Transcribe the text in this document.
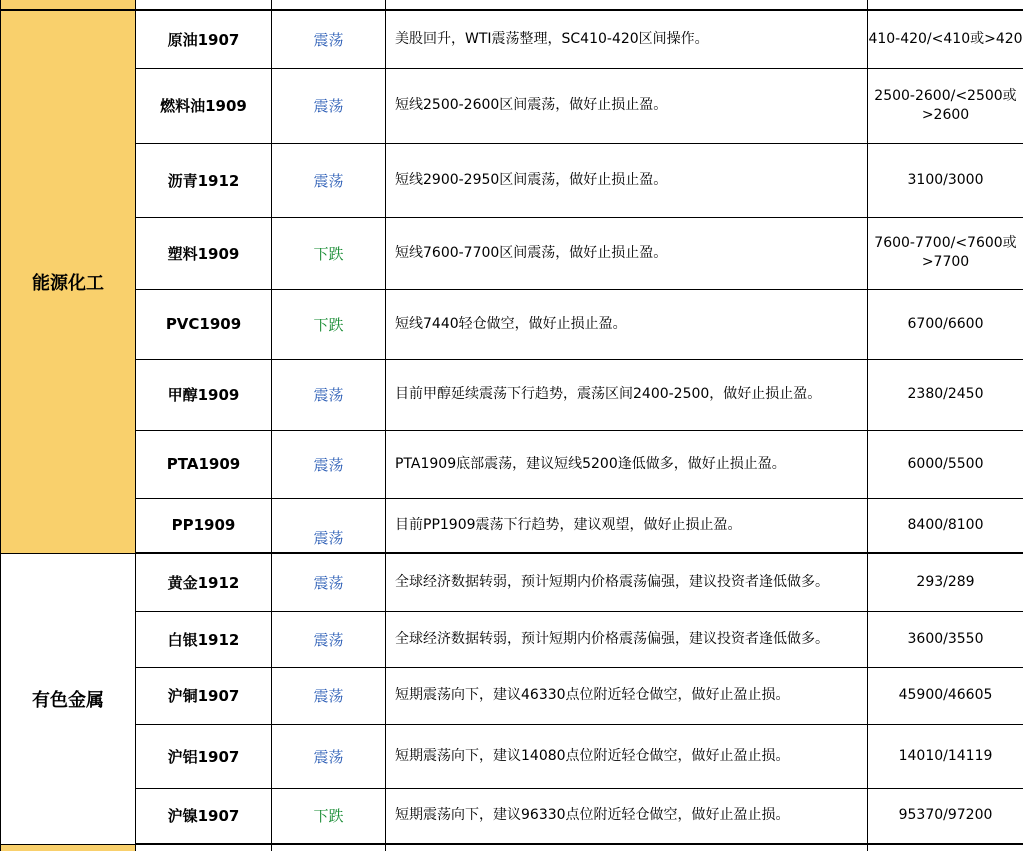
能源化工	原油1907	震荡	美股回升，WTI震荡整理，SC410-420区间操作。	410-420/<410或>420
	燃料油1909	震荡	短线2500-2600区间震荡，做好止损止盈。	2500-2600/<2500或>2600
	沥青1912	震荡	短线2900-2950区间震荡，做好止损止盈。	3100/3000
	塑料1909	下跌	短线7600-7700区间震荡，做好止损止盈。	7600-7700/<7600或>7700
	PVC1909	下跌	短线7440轻仓做空，做好止损止盈。	6700/6600
	甲醇1909	震荡	目前甲醇延续震荡下行趋势，震荡区间2400-2500，做好止损止盈。	2380/2450
	PTA1909	震荡	PTA1909底部震荡，建议短线5200逢低做多，做好止损止盈。	6000/5500
	PP1909	震荡	目前PP1909震荡下行趋势，建议观望，做好止损止盈。	8400/8100
有色金属	黄金1912	震荡	全球经济数据转弱，预计短期内价格震荡偏强，建议投资者逢低做多。	293/289
	白银1912	震荡	全球经济数据转弱，预计短期内价格震荡偏强，建议投资者逢低做多。	3600/3550
	沪铜1907	震荡	短期震荡向下，建议46330点位附近轻仓做空，做好止盈止损。	45900/46605
	沪铝1907	震荡	短期震荡向下，建议14080点位附近轻仓做空，做好止盈止损。	14010/14119
	沪镍1907	下跌	短期震荡向下，建议96330点位附近轻仓做空，做好止盈止损。	95370/97200
